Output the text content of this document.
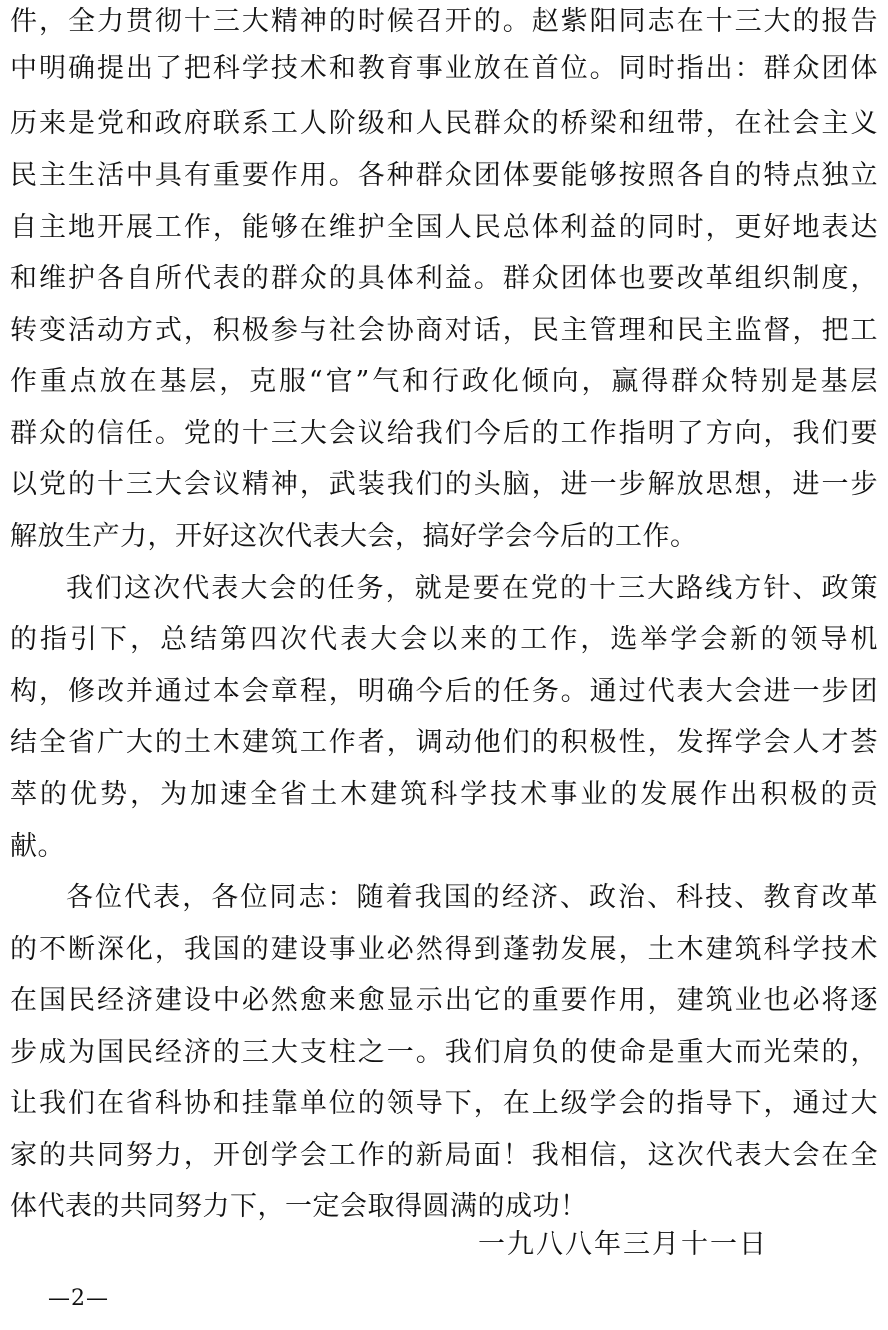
件，全力贯彻十三大精神的时候召开的。赵紫阳同志在十三大的报告
中明确提出了把科学技术和教育事业放在首位。同时指出：群众团体
历来是党和政府联系工人阶级和人民群众的桥梁和纽带，在社会主义
民主生活中具有重要作用。各种群众团体要能够按照各自的特点独立
自主地开展工作，能够在维护全国人民总体利益的同时，更好地表达
和维护各自所代表的群众的具体利益。群众团体也要改革组织制度，
转变活动方式，积极参与社会协商对话，民主管理和民主监督，把工
作重点放在基层，克服“官”气和行政化倾向，赢得群众特别是基层
群众的信任。党的十三大会议给我们今后的工作指明了方向，我们要
以党的十三大会议精神，武装我们的头脑，进一步解放思想，进一步
解放生产力，开好这次代表大会，搞好学会今后的工作。
我们这次代表大会的任务，就是要在党的十三大路线方针、政策
的指引下，总结第四次代表大会以来的工作，选举学会新的领导机
构，修改并通过本会章程，明确今后的任务。通过代表大会进一步团
结全省广大的土木建筑工作者，调动他们的积极性，发挥学会人才荟
萃的优势，为加速全省土木建筑科学技术事业的发展作出积极的贡
献。
各位代表，各位同志：随着我国的经济、政治、科技、教育改革
的不断深化，我国的建设事业必然得到蓬勃发展，土木建筑科学技术
在国民经济建设中必然愈来愈显示出它的重要作用，建筑业也必将逐
步成为国民经济的三大支柱之一。我们肩负的使命是重大而光荣的，
让我们在省科协和挂靠单位的领导下，在上级学会的指导下，通过大
家的共同努力，开创学会工作的新局面！我相信，这次代表大会在全
体代表的共同努力下，一定会取得圆满的成功！
一九八八年三月十一日
—2—
